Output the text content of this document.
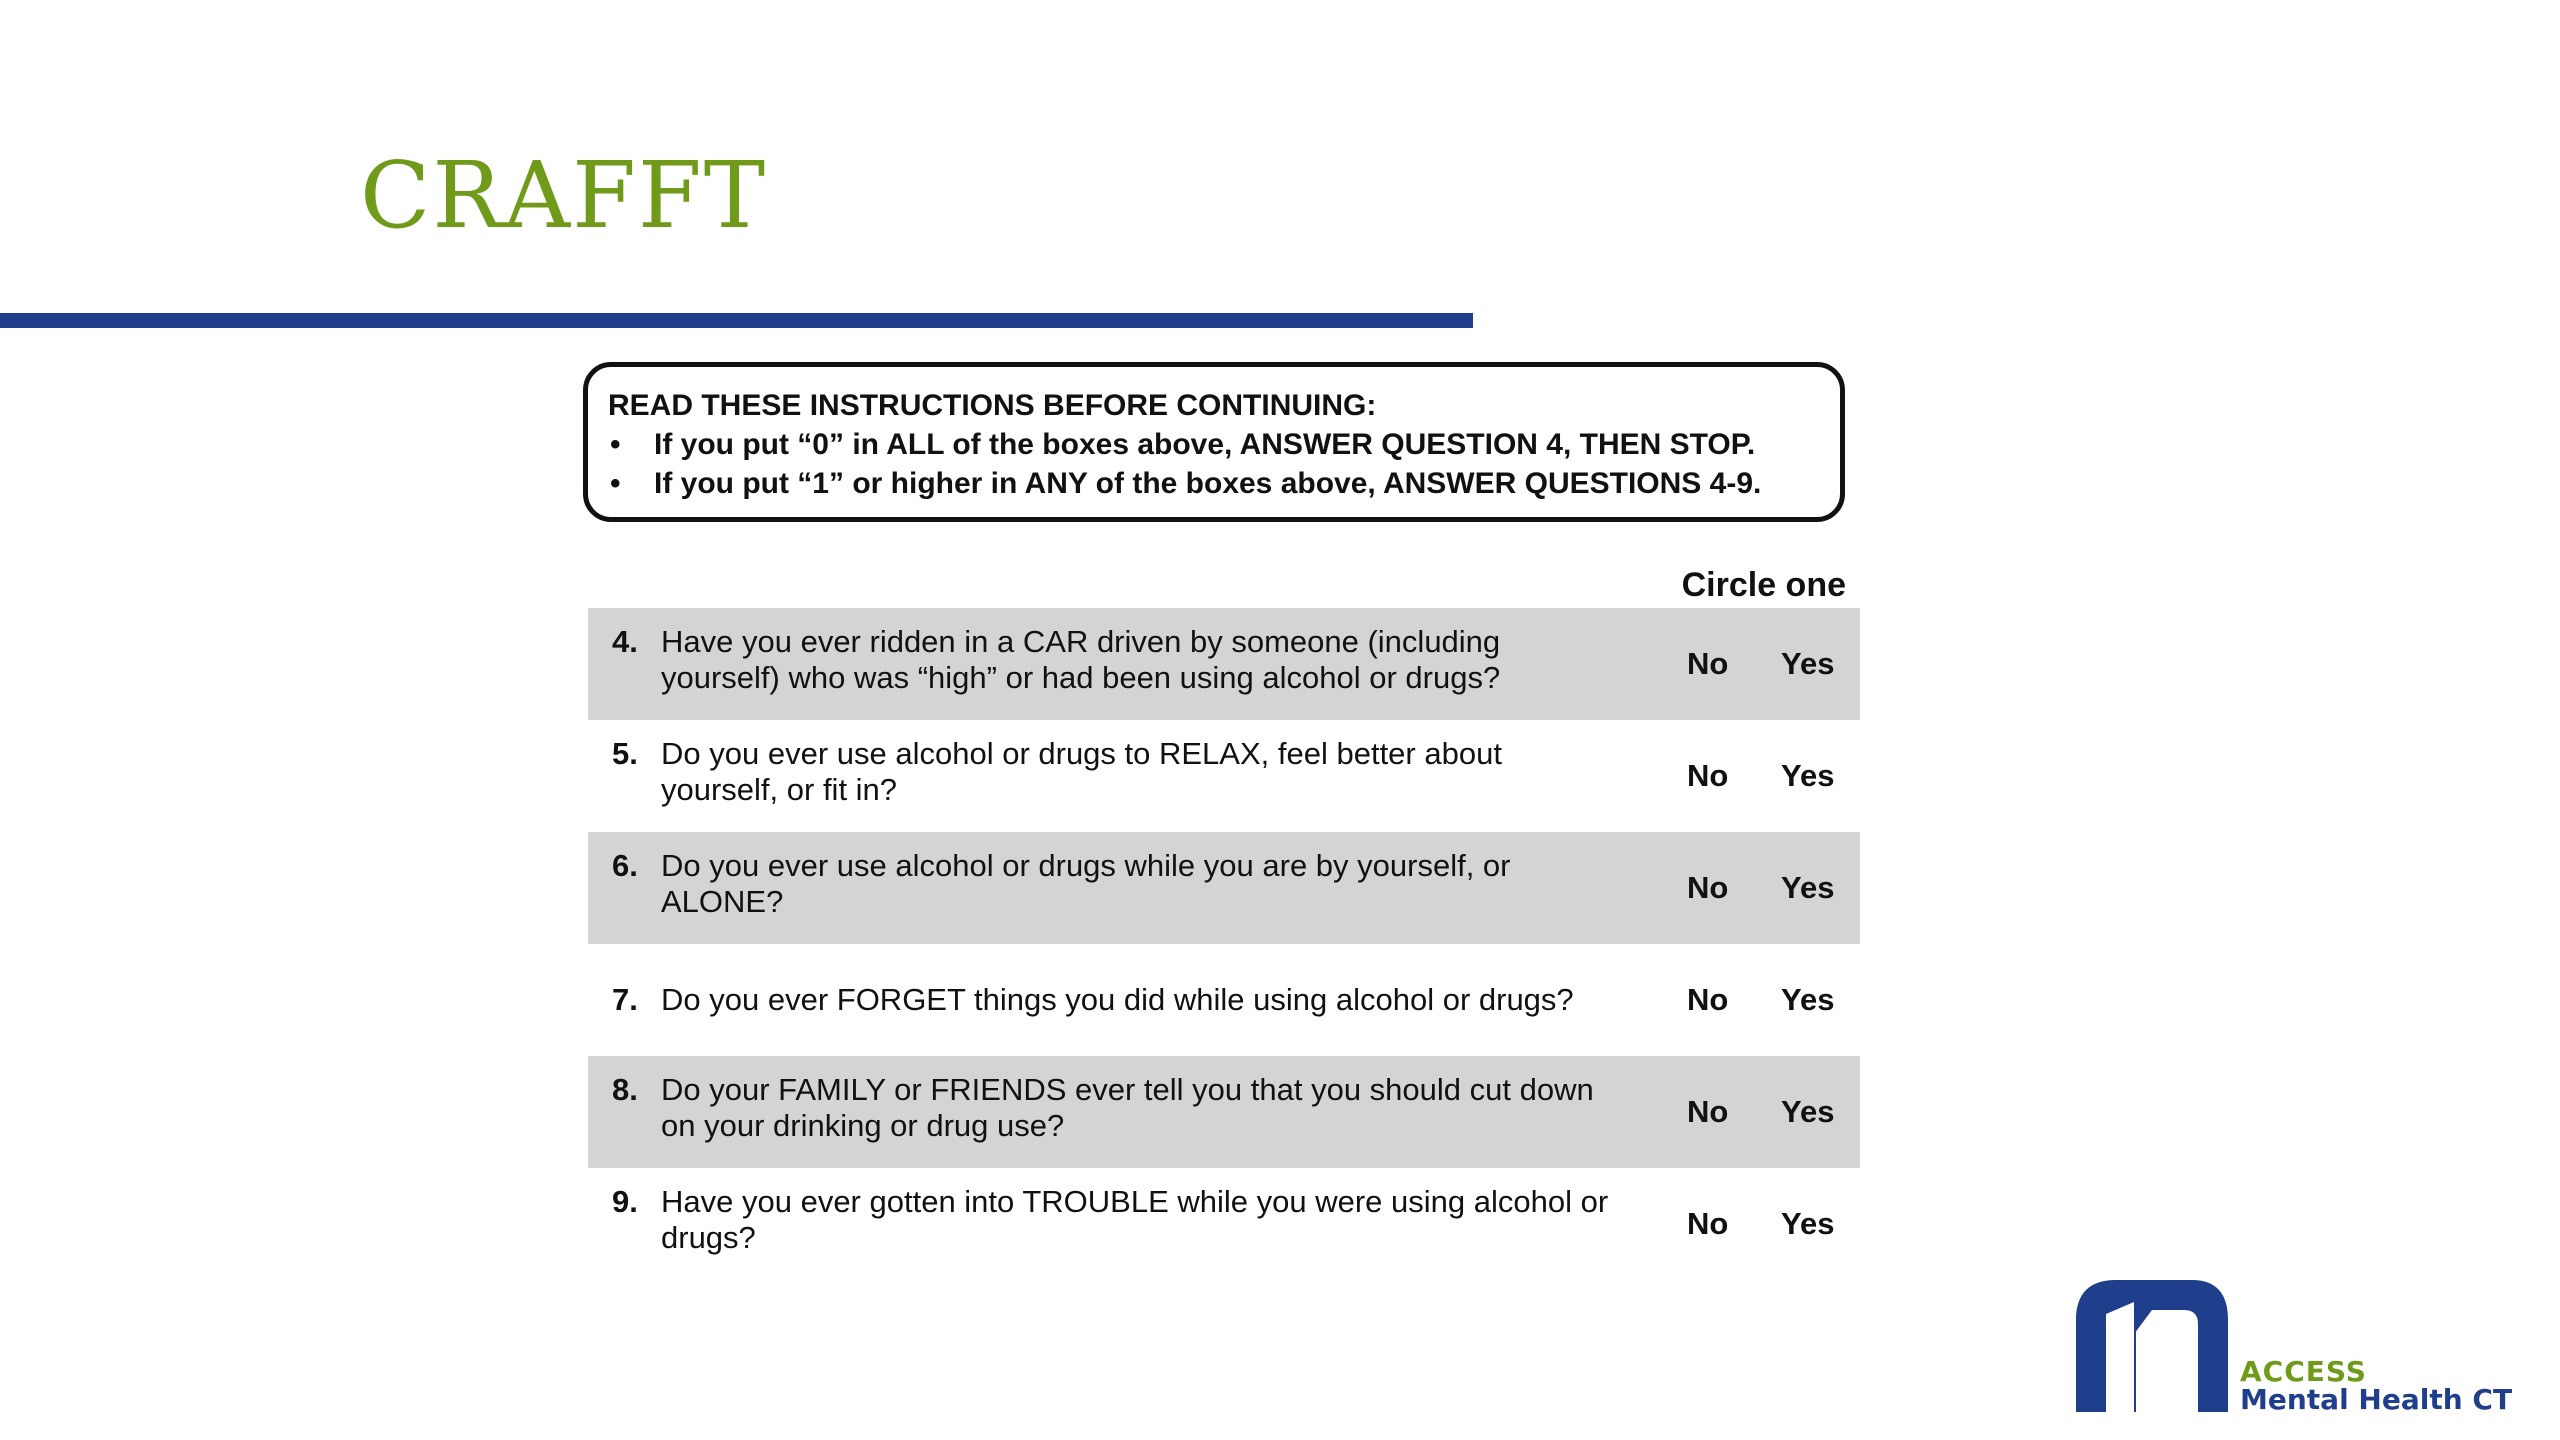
CRAFFT

READ THESE INSTRUCTIONS BEFORE CONTINUING:

• If you put “0” in ALL of the boxes above, ANSWER QUESTION 4, THEN STOP.
• If you put “1” or higher in ANY of the boxes above, ANSWER QUESTIONS 4-9.
Circle one
4. Have you ever ridden in a CAR driven by someone (including
yourself) who was “high” or had been using alcohol or drugs?	No Yes
5. Do you ever use alcohol or drugs to RELAX, feel better about
yourself, or fit in?	No Yes
6. Do you ever use alcohol or drugs while you are by yourself, or
ALONE?	No Yes
7. Do you ever FORGET things you did while using alcohol or drugs?	No Yes
8. Do your FAMILY or FRIENDS ever tell you that you should cut down
on your drinking or drug use?	No Yes
9. Have you ever gotten into TROUBLE while you were using alcohol or
drugs?	No Yes
ACCESS
Mental Health CT
